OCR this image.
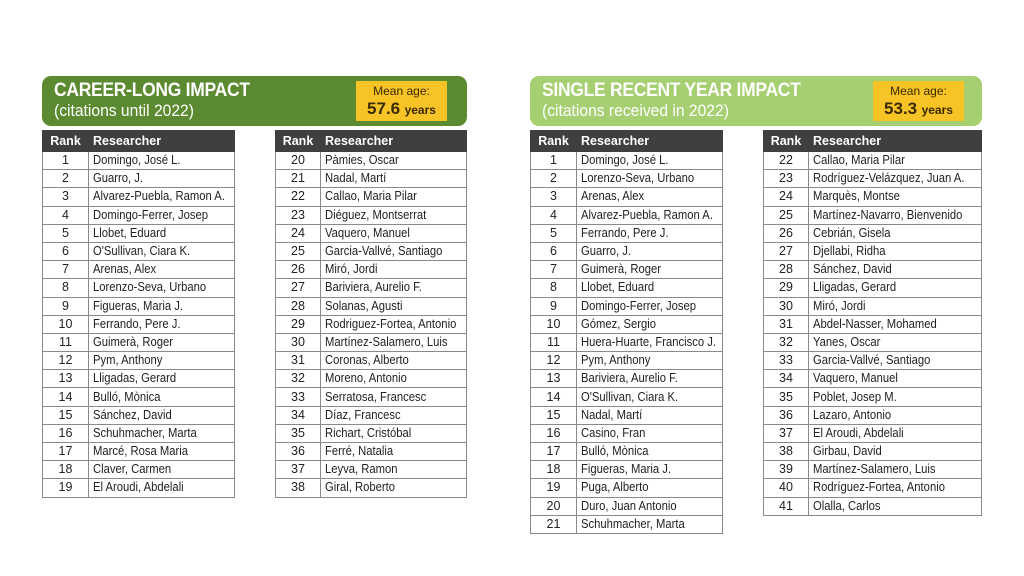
CAREER-LONG IMPACT
(citations until 2022)
Mean age:
57.6 years
SINGLE RECENT YEAR IMPACT
(citations received in 2022)
Mean age:
53.3 years
Rank	Researcher
1	Domingo, José L.
2	Guarro, J.
3	Alvarez-Puebla, Ramon A.
4	Domingo-Ferrer, Josep
5	Llobet, Eduard
6	O'Sullivan, Ciara K.
7	Arenas, Alex
8	Lorenzo-Seva, Urbano
9	Figueras, Maria J.
10	Ferrando, Pere J.
11	Guimerà, Roger
12	Pym, Anthony
13	Lligadas, Gerard
14	Bulló, Mònica
15	Sánchez, David
16	Schuhmacher, Marta
17	Marcé, Rosa Maria
18	Claver, Carmen
19	El Aroudi, Abdelali
Rank	Researcher
20	Pàmies, Oscar
21	Nadal, Martí
22	Callao, Maria Pilar
23	Diéguez, Montserrat
24	Vaquero, Manuel
25	Garcia-Vallvé, Santiago
26	Miró, Jordi
27	Bariviera, Aurelio F.
28	Solanas, Agusti
29	Rodriguez-Fortea, Antonio
30	Martínez-Salamero, Luis
31	Coronas, Alberto
32	Moreno, Antonio
33	Serratosa, Francesc
34	Díaz, Francesc
35	Richart, Cristóbal
36	Ferré, Natalia
37	Leyva, Ramon
38	Giral, Roberto
Rank	Researcher
1	Domingo, José L.
2	Lorenzo-Seva, Urbano
3	Arenas, Alex
4	Alvarez-Puebla, Ramon A.
5	Ferrando, Pere J.
6	Guarro, J.
7	Guimerà, Roger
8	Llobet, Eduard
9	Domingo-Ferrer, Josep
10	Gómez, Sergio
11	Huera-Huarte, Francisco J.
12	Pym, Anthony
13	Bariviera, Aurelio F.
14	O'Sullivan, Ciara K.
15	Nadal, Martí
16	Casino, Fran
17	Bulló, Mònica
18	Figueras, Maria J.
19	Puga, Alberto
20	Duro, Juan Antonio
21	Schuhmacher, Marta
Rank	Researcher
22	Callao, Maria Pilar
23	Rodríguez-Velázquez, Juan A.
24	Marquès, Montse
25	Martínez-Navarro, Bienvenido
26	Cebrián, Gisela
27	Djellabi, Ridha
28	Sánchez, David
29	Lligadas, Gerard
30	Miró, Jordi
31	Abdel-Nasser, Mohamed
32	Yanes, Oscar
33	Garcia-Vallvé, Santiago
34	Vaquero, Manuel
35	Poblet, Josep M.
36	Lazaro, Antonio
37	El Aroudi, Abdelali
38	Girbau, David
39	Martínez-Salamero, Luis
40	Rodríguez-Fortea, Antonio
41	Olalla, Carlos
